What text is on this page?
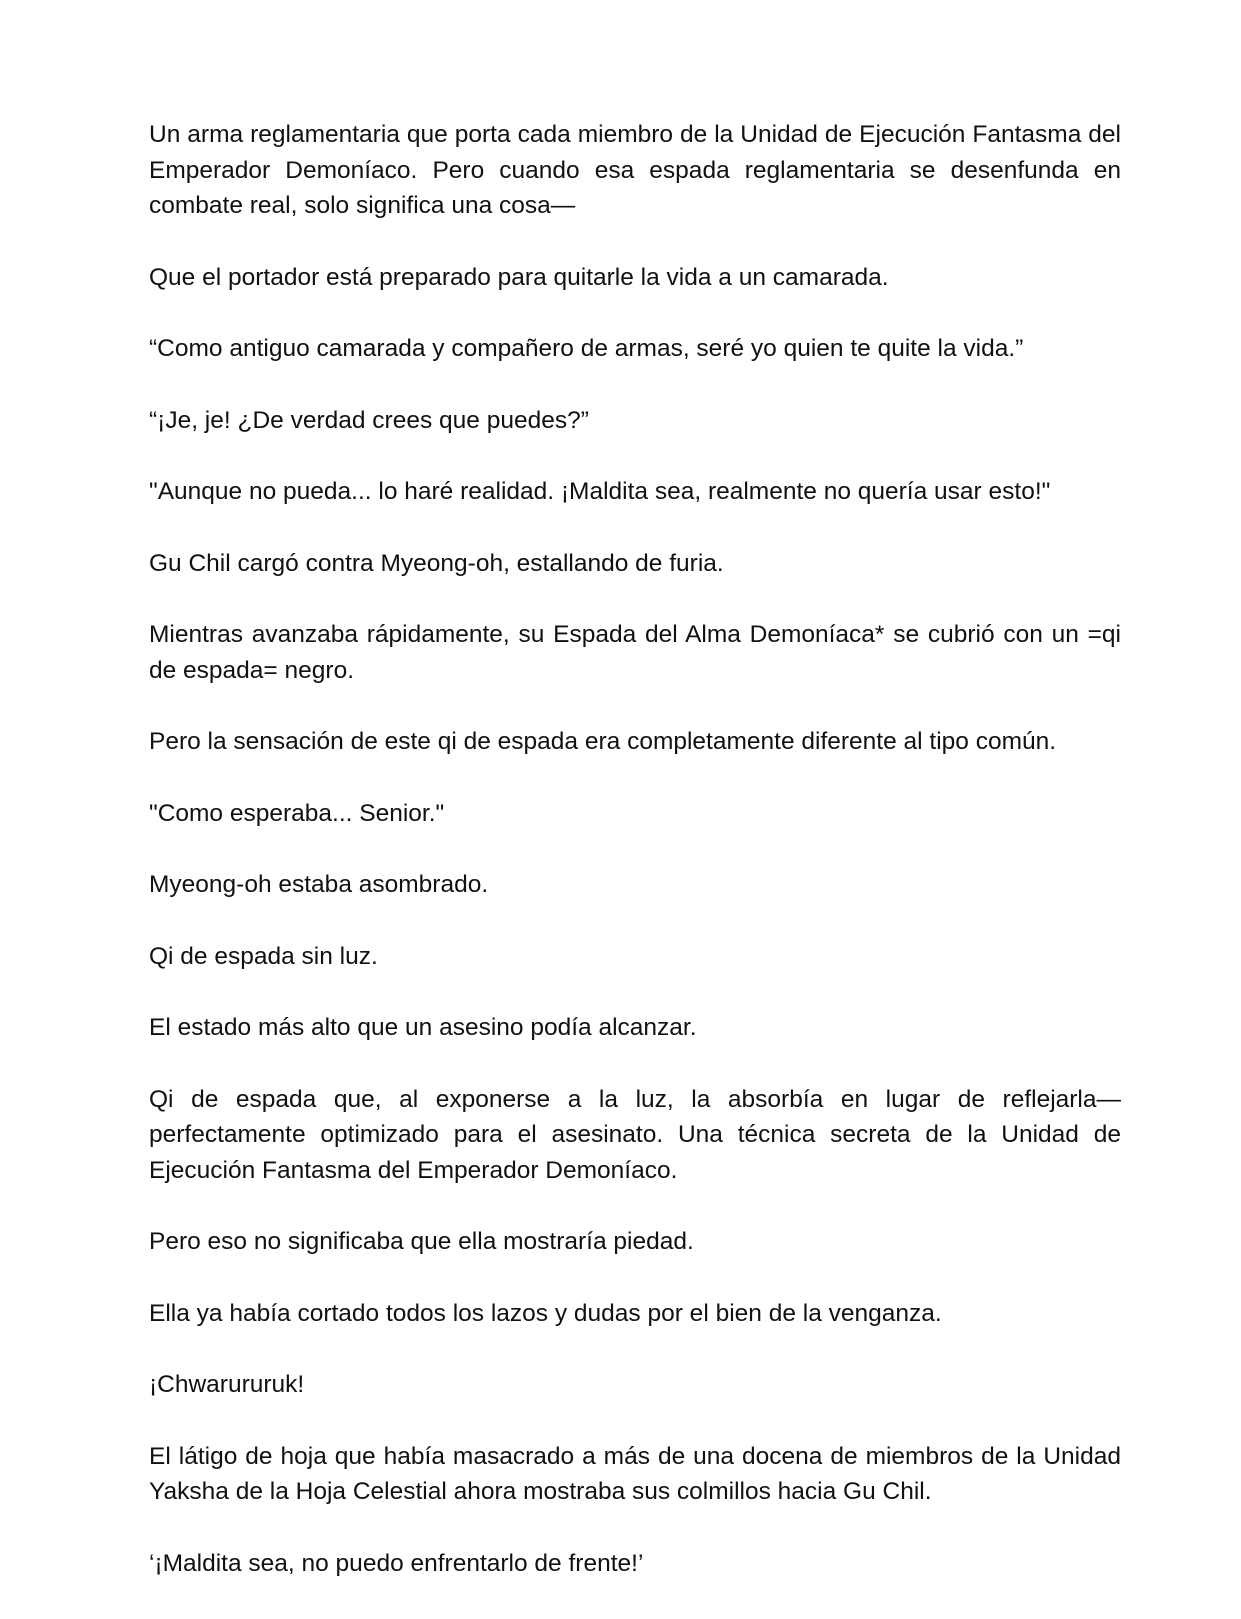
Un arma reglamentaria que porta cada miembro de la Unidad de Ejecución Fantasma del Emperador Demoníaco. Pero cuando esa espada reglamentaria se desenfunda en combate real, solo significa una cosa—

Que el portador está preparado para quitarle la vida a un camarada.

“Como antiguo camarada y compañero de armas, seré yo quien te quite la vida.”

“¡Je, je! ¿De verdad crees que puedes?”

"Aunque no pueda... lo haré realidad. ¡Maldita sea, realmente no quería usar esto!"

Gu Chil cargó contra Myeong-oh, estallando de furia.

Mientras avanzaba rápidamente, su Espada del Alma Demoníaca* se cubrió con un =qi de espada= negro.

Pero la sensación de este qi de espada era completamente diferente al tipo común.

"Como esperaba... Senior."

Myeong-oh estaba asombrado.

Qi de espada sin luz.

El estado más alto que un asesino podía alcanzar.

Qi de espada que, al exponerse a la luz, la absorbía en lugar de reflejarla—perfectamente optimizado para el asesinato. Una técnica secreta de la Unidad de Ejecución Fantasma del Emperador Demoníaco.

Pero eso no significaba que ella mostraría piedad.

Ella ya había cortado todos los lazos y dudas por el bien de la venganza.

¡Chwarururuk!

El látigo de hoja que había masacrado a más de una docena de miembros de la Unidad Yaksha de la Hoja Celestial ahora mostraba sus colmillos hacia Gu Chil.

‘¡Maldita sea, no puedo enfrentarlo de frente!’
